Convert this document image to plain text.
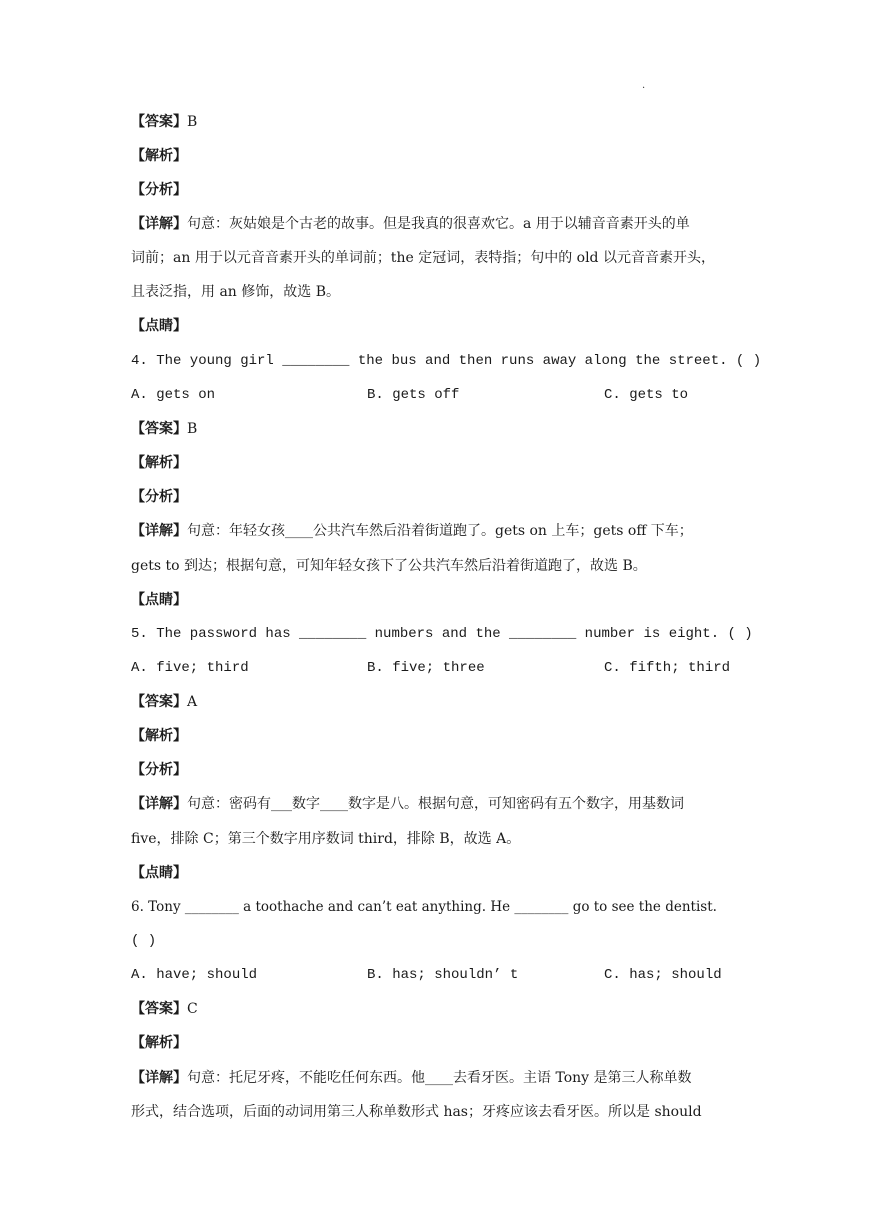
.
【答案】B
【解析】
【分析】
【详解】句意：灰姑娘是个古老的故事。但是我真的很喜欢它。a 用于以辅音音素开头的单
词前；an 用于以元音音素开头的单词前；the 定冠词，表特指；句中的 old 以元音音素开头，
且表泛指，用 an 修饰，故选 B。
【点睛】
4. The young girl ________ the bus and then runs away along the street. ( )
A. gets on	B. gets off	C. gets to
【答案】B
【解析】
【分析】
【详解】句意：年轻女孩____公共汽车然后沿着街道跑了。gets on 上车；gets off 下车；
gets to 到达；根据句意，可知年轻女孩下了公共汽车然后沿着街道跑了，故选 B。
【点睛】
5. The password has ________ numbers and the ________ number is eight. ( )
A. five; third	B. five; three	C. fifth; third
【答案】A
【解析】
【分析】
【详解】句意：密码有___数字____数字是八。根据句意，可知密码有五个数字，用基数词
five，排除 C；第三个数字用序数词 third，排除 B，故选 A。
【点睛】
6. Tony ________ a toothache and can’t eat anything. He ________ go to see the dentist.
( )
A. have; should	B. has; shouldn’ t	C. has; should
【答案】C
【解析】
【详解】句意：托尼牙疼，不能吃任何东西。他____去看牙医。主语 Tony 是第三人称单数
形式，结合选项，后面的动词用第三人称单数形式 has；牙疼应该去看牙医。所以是 should
